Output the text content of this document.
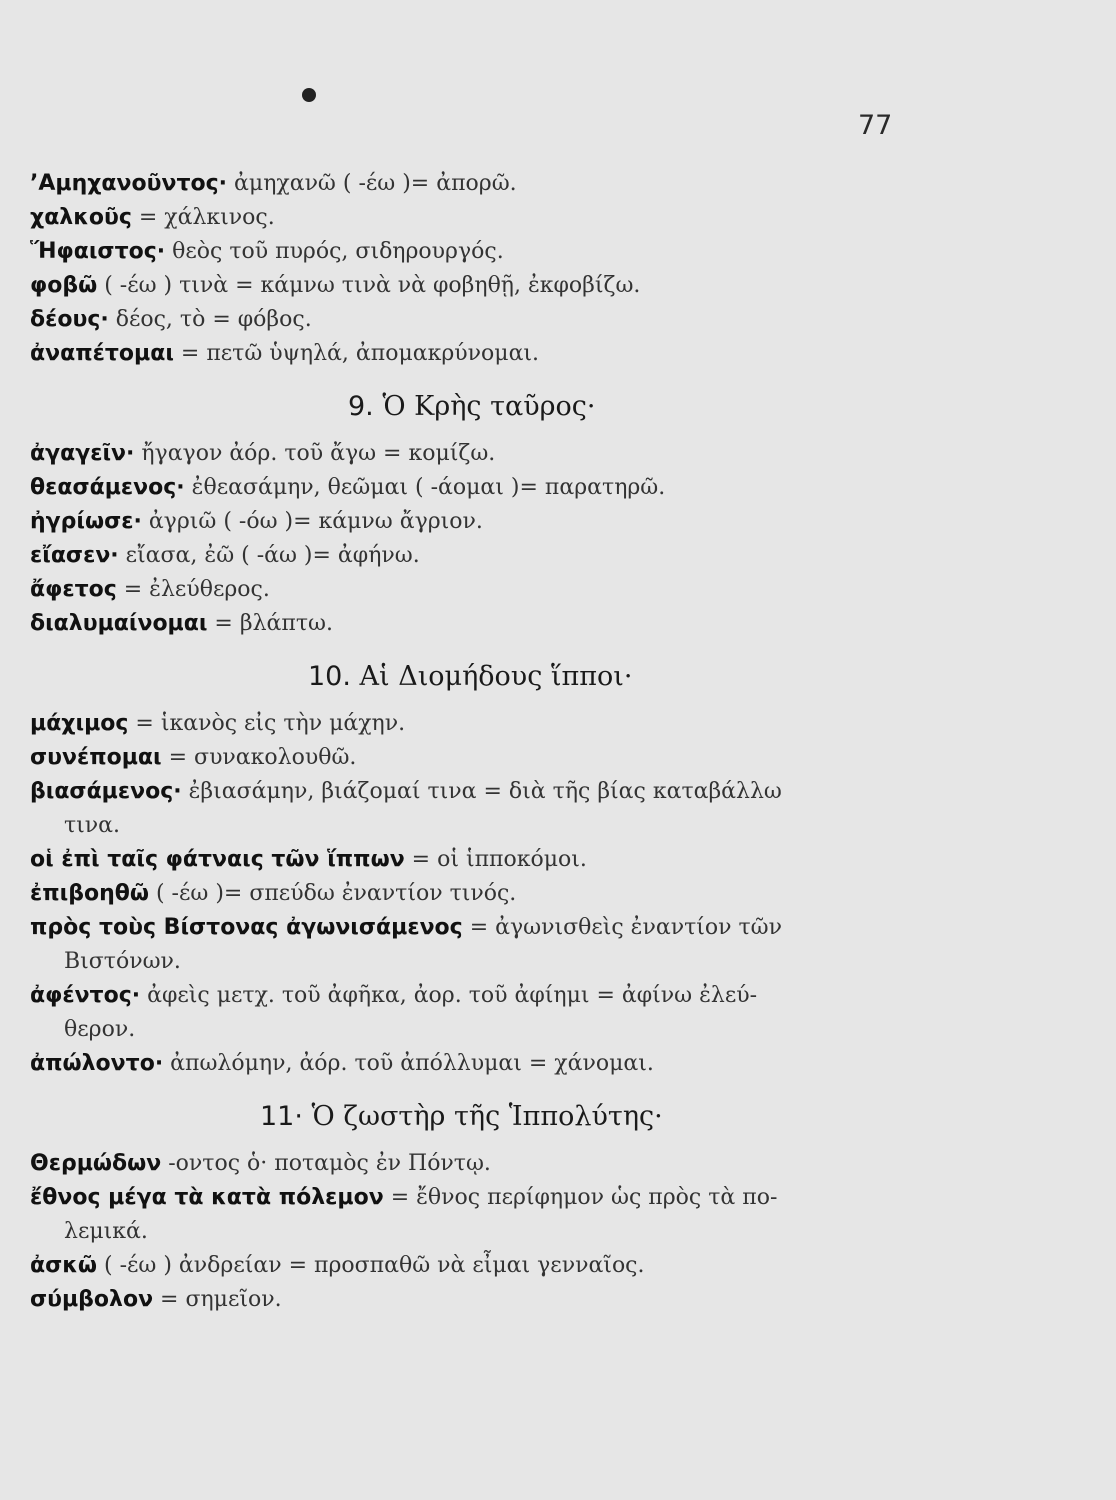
77
’Αμηχανοῦντος· ἀμηχανῶ ( -έω )= ἀπορῶ.
χαλκοῦς = χάλκινος.
Ἥφαιστος· θεὸς τοῦ πυρός, σιδηρουργός.
φοβῶ ( -έω ) τινὰ = κάμνω τινὰ νὰ φοβηθῇ, ἐκφοβίζω.
δέους· δέος, τὸ = φόβος.
ἀναπέτομαι = πετῶ ὑψηλά, ἀπομακρύνομαι.
9. Ὁ Κρὴς ταῦρος·
ἀγαγεῖν· ἤγαγον ἀόρ. τοῦ ἄγω = κομίζω.
θεασάμενος· ἐθεασάμην, θεῶμαι ( -άομαι )= παρατηρῶ.
ἠγρίωσε· ἀγριῶ ( -όω )= κάμνω ἄγριον.
εἴασεν· εἴασα, ἐῶ ( -άω )= ἀφήνω.
ἄφετος = ἐλεύθερος.
διαλυμαίνομαι = βλάπτω.
10. Αἱ Διομήδους ἵπποι·
μάχιμος = ἱκανὸς εἰς τὴν μάχην.
συνέπομαι = συνακολουθῶ.
βιασάμενος· ἐβιασάμην, βιάζομαί τινα = διὰ τῆς βίας καταβάλλω
τινα.
οἱ ἐπὶ ταῖς φάτναις τῶν ἵππων = οἱ ἱπποκόμοι.
ἐπιβοηθῶ ( -έω )= σπεύδω ἐναντίον τινός.
πρὸς τοὺς Βίστονας ἀγωνισάμενος = ἀγωνισθεὶς ἐναντίον τῶν
Βιστόνων.
ἀφέντος· ἀφεὶς μετχ. τοῦ ἀφῆκα, ἀορ. τοῦ ἀφίημι = ἀφίνω ἐλεύ-
θερον.
ἀπώλοντο· ἀπωλόμην, ἀόρ. τοῦ ἀπόλλυμαι = χάνομαι.
11· Ὁ ζωστὴρ τῆς Ἱππολύτης·
Θερμώδων -οντος ὁ· ποταμὸς ἐν Πόντῳ.
ἔθνος μέγα τὰ κατὰ πόλεμον = ἔθνος περίφημον ὡς πρὸς τὰ πο-
λεμικά.
ἀσκῶ ( -έω ) ἀνδρείαν = προσπαθῶ νὰ εἶμαι γενναῖος.
σύμβολον = σημεῖον.
